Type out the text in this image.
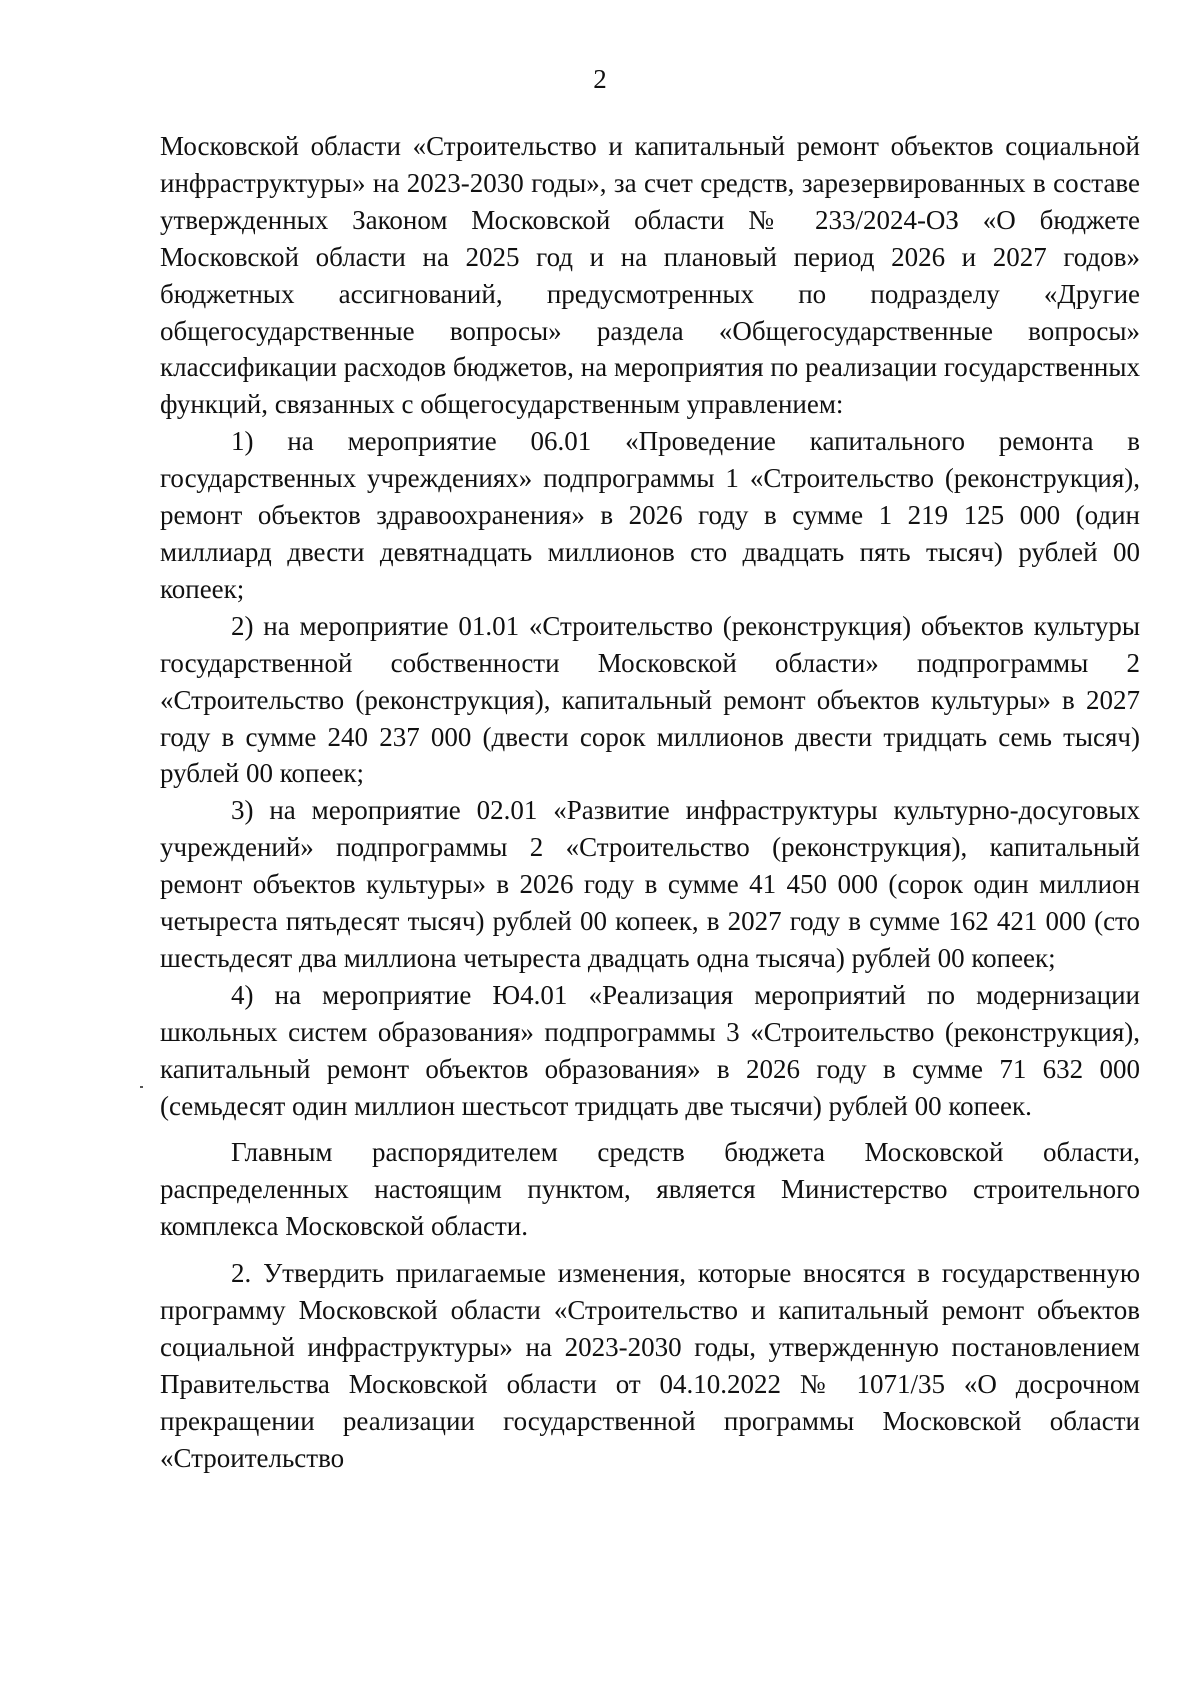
2

Московской области «Строительство и капитальный ремонт объектов социальной инфраструктуры» на 2023-2030 годы», за счет средств, зарезервированных в составе утвержденных Законом Московской области № 233/2024-ОЗ «О бюджете Московской области на 2025 год и на плановый период 2026 и 2027 годов» бюджетных ассигнований, предусмотренных по подразделу «Другие общегосударственные вопросы» раздела «Общегосударственные вопросы» классификации расходов бюджетов, на мероприятия по реализации государственных функций, связанных с общегосударственным управлением:

1) на мероприятие 06.01 «Проведение капитального ремонта в государственных учреждениях» подпрограммы 1 «Строительство (реконструкция), ремонт объектов здравоохранения» в 2026 году в сумме 1 219 125 000 (один миллиард двести девятнадцать миллионов сто двадцать пять тысяч) рублей 00 копеек;

2) на мероприятие 01.01 «Строительство (реконструкция) объектов культуры государственной собственности Московской области» подпрограммы 2 «Строительство (реконструкция), капитальный ремонт объектов культуры» в 2027 году в сумме 240 237 000 (двести сорок миллионов двести тридцать семь тысяч) рублей 00 копеек;

3) на мероприятие 02.01 «Развитие инфраструктуры культурно-досуговых учреждений» подпрограммы 2 «Строительство (реконструкция), капитальный ремонт объектов культуры» в 2026 году в сумме 41 450 000 (сорок один миллион четыреста пятьдесят тысяч) рублей 00 копеек, в 2027 году в сумме 162 421 000 (сто шестьдесят два миллиона четыреста двадцать одна тысяча) рублей 00 копеек;

4) на мероприятие Ю4.01 «Реализация мероприятий по модернизации школьных систем образования» подпрограммы 3 «Строительство (реконструкция), капитальный ремонт объектов образования» в 2026 году в сумме 71 632 000 (семьдесят один миллион шестьсот тридцать две тысячи) рублей 00 копеек.

Главным распорядителем средств бюджета Московской области, распределенных настоящим пунктом, является Министерство строительного комплекса Московской области.

2. Утвердить прилагаемые изменения, которые вносятся в государственную программу Московской области «Строительство и капитальный ремонт объектов социальной инфраструктуры» на 2023-2030 годы, утвержденную постановлением Правительства Московской области от 04.10.2022 № 1071/35 «О досрочном прекращении реализации государственной программы Московской области «Строительство
